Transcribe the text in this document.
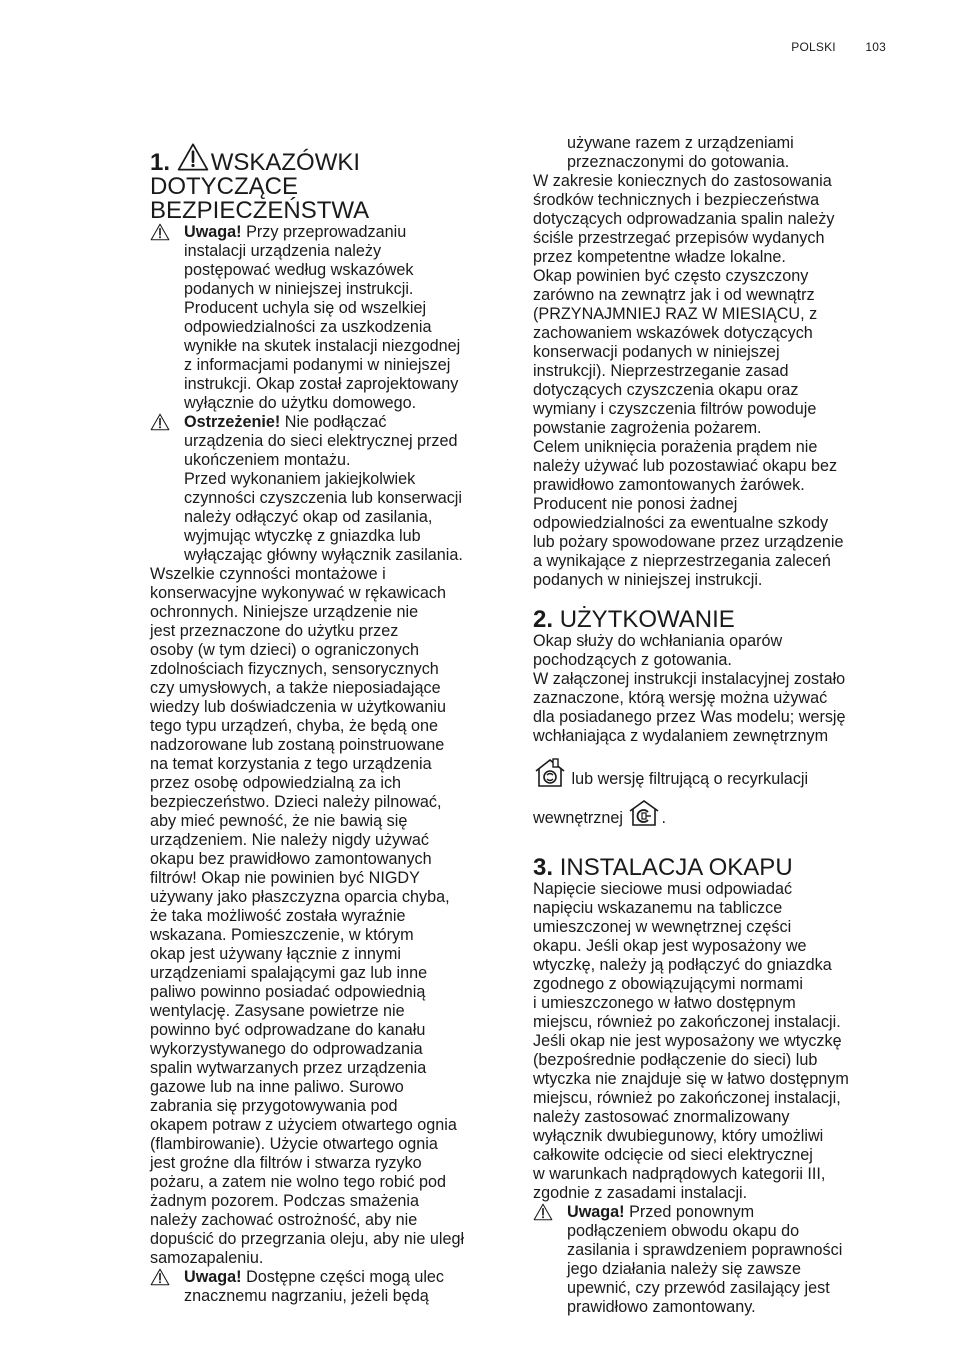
POLSKI 103
1. WSKAZÓWKI
DOTYCZĄCE
BEZPIECZEŃSTWA
Uwaga! Przy przeprowadzaniu
instalacji urządzenia należy
postępować według wskazówek
podanych w niniejszej instrukcji.
Producent uchyla się od wszelkiej
odpowiedzialności za uszkodzenia
wynikłe na skutek instalacji niezgodnej
z informacjami podanymi w niniejszej
instrukcji. Okap został zaprojektowany
wyłącznie do użytku domowego.
Ostrzeżenie! Nie podłączać
urządzenia do sieci elektrycznej przed
ukończeniem montażu.
Przed wykonaniem jakiejkolwiek
czynności czyszczenia lub konserwacji
należy odłączyć okap od zasilania,
wyjmując wtyczkę z gniazdka lub
wyłączając główny wyłącznik zasilania.
Wszelkie czynności montażowe i
konserwacyjne wykonywać w rękawicach
ochronnych. Niniejsze urządzenie nie
jest przeznaczone do użytku przez
osoby (w tym dzieci) o ograniczonych
zdolnościach fizycznych, sensorycznych
czy umysłowych, a także nieposiadające
wiedzy lub doświadczenia w użytkowaniu
tego typu urządzeń, chyba, że będą one
nadzorowane lub zostaną poinstruowane
na temat korzystania z tego urządzenia
przez osobę odpowiedzialną za ich
bezpieczeństwo. Dzieci należy pilnować,
aby mieć pewność, że nie bawią się
urządzeniem. Nie należy nigdy używać
okapu bez prawidłowo zamontowanych
filtrów! Okap nie powinien być NIGDY
używany jako płaszczyzna oparcia chyba,
że taka możliwość została wyraźnie
wskazana. Pomieszczenie, w którym
okap jest używany łącznie z innymi
urządzeniami spalającymi gaz lub inne
paliwo powinno posiadać odpowiednią
wentylację. Zasysane powietrze nie
powinno być odprowadzane do kanału
wykorzystywanego do odprowadzania
spalin wytwarzanych przez urządzenia
gazowe lub na inne paliwo. Surowo
zabrania się przygotowywania pod
okapem potraw z użyciem otwartego ognia
(flambirowanie). Użycie otwartego ognia
jest groźne dla filtrów i stwarza ryzyko
pożaru, a zatem nie wolno tego robić pod
żadnym pozorem. Podczas smażenia
należy zachować ostrożność, aby nie
dopuścić do przegrzania oleju, aby nie uległ
samozapaleniu.
Uwaga! Dostępne części mogą ulec
znacznemu nagrzaniu, jeżeli będą
używane razem z urządzeniami
przeznaczonymi do gotowania.
W zakresie koniecznych do zastosowania
środków technicznych i bezpieczeństwa
dotyczących odprowadzania spalin należy
ściśle przestrzegać przepisów wydanych
przez kompetentne władze lokalne.
Okap powinien być często czyszczony
zarówno na zewnątrz jak i od wewnątrz
(PRZYNAJMNIEJ RAZ W MIESIĄCU, z
zachowaniem wskazówek dotyczących
konserwacji podanych w niniejszej
instrukcji). Nieprzestrzeganie zasad
dotyczących czyszczenia okapu oraz
wymiany i czyszczenia filtrów powoduje
powstanie zagrożenia pożarem.
Celem uniknięcia porażenia prądem nie
należy używać lub pozostawiać okapu bez
prawidłowo zamontowanych żarówek.
Producent nie ponosi żadnej
odpowiedzialności za ewentualne szkody
lub pożary spowodowane przez urządzenie
a wynikające z nieprzestrzegania zaleceń
podanych w niniejszej instrukcji.
2. UŻYTKOWANIE
Okap służy do wchłaniania oparów
pochodzących z gotowania.
W załączonej instrukcji instalacyjnej zostało
zaznaczone, którą wersję można używać
dla posiadanego przez Was modelu; wersję
wchłaniająca z wydalaniem zewnętrznym
lub wersję filtrującą o recyrkulacji
wewnętrznej .
3. INSTALACJA OKAPU
Napięcie sieciowe musi odpowiadać
napięciu wskazanemu na tabliczce
umieszczonej w wewnętrznej części
okapu. Jeśli okap jest wyposażony we
wtyczkę, należy ją podłączyć do gniazdka
zgodnego z obowiązującymi normami
i umieszczonego w łatwo dostępnym
miejscu, również po zakończonej instalacji.
Jeśli okap nie jest wyposażony we wtyczkę
(bezpośrednie podłączenie do sieci) lub
wtyczka nie znajduje się w łatwo dostępnym
miejscu, również po zakończonej instalacji,
należy zastosować znormalizowany
wyłącznik dwubiegunowy, który umożliwi
całkowite odcięcie od sieci elektrycznej
w warunkach nadprądowych kategorii III,
zgodnie z zasadami instalacji.
Uwaga! Przed ponownym
podłączeniem obwodu okapu do
zasilania i sprawdzeniem poprawności
jego działania należy się zawsze
upewnić, czy przewód zasilający jest
prawidłowo zamontowany.
